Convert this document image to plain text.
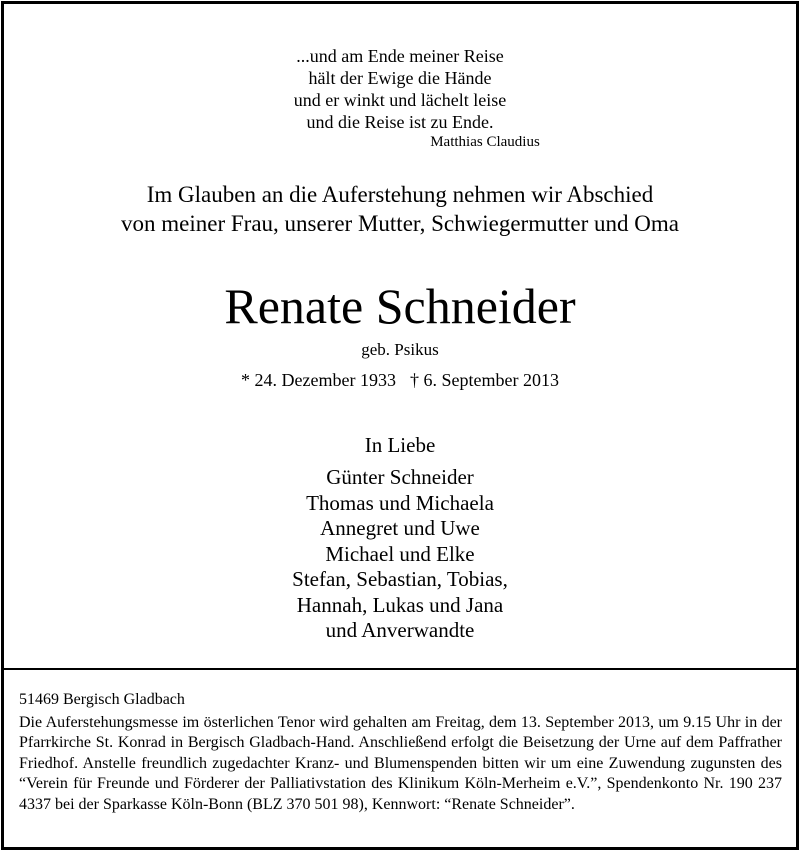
...und am Ende meiner Reise
hält der Ewige die Hände
und er winkt und lächelt leise
und die Reise ist zu Ende.
Matthias Claudius
Im Glauben an die Auferstehung nehmen wir Abschied
von meiner Frau, unserer Mutter, Schwiegermutter und Oma
Renate Schneider
geb. Psikus
* 24. Dezember 1933 † 6. September 2013
In Liebe
Günter Schneider
Thomas und Michaela
Annegret und Uwe
Michael und Elke
Stefan, Sebastian, Tobias,
Hannah, Lukas und Jana
und Anverwandte
51469 Bergisch Gladbach

Die Auferstehungsmesse im österlichen Tenor wird gehalten am Freitag, dem 13. September 2013, um 9.15 Uhr in der Pfarrkirche St. Konrad in Bergisch Gladbach-Hand. Anschließend erfolgt die Beisetzung der Urne auf dem Paffrather Friedhof. Anstelle freundlich zugedachter Kranz- und Blumenspenden bitten wir um eine Zuwendung zugunsten des “Verein für Freunde und Förderer der Palliativstation des Klinikum Köln-Merheim e.V.”, Spendenkonto Nr. 190 237 4337 bei der Sparkasse Köln-Bonn (BLZ 370 501 98), Kennwort: “Renate Schneider”.
